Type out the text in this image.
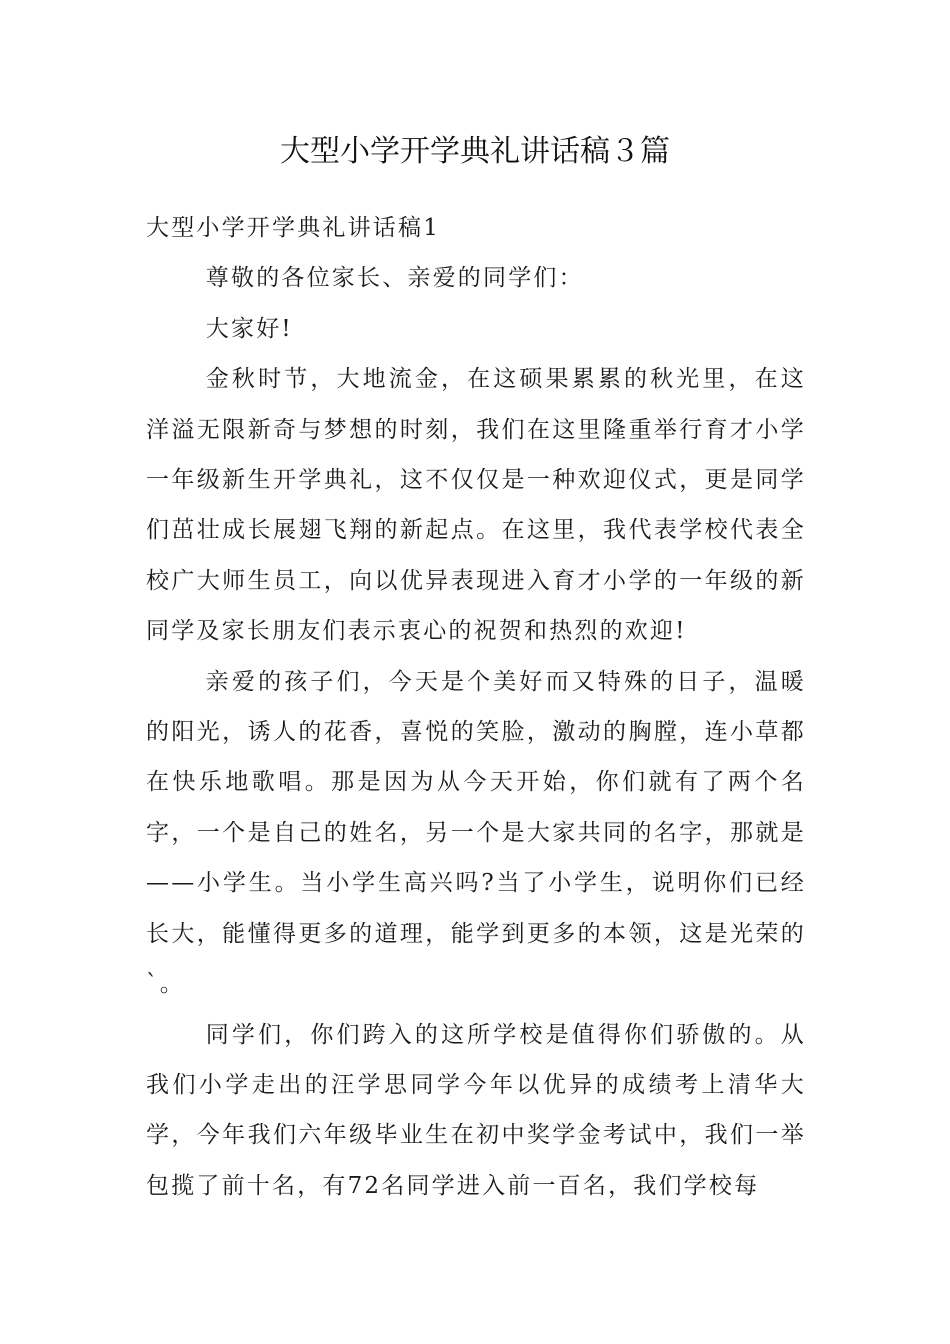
大型小学开学典礼讲话稿３篇

大型小学开学典礼讲话稿1

尊敬的各位家长、亲爱的同学们：

大家好!

金秋时节，大地流金，在这硕果累累的秋光里，在这洋溢无限新奇与梦想的时刻，我们在这里隆重举行育才小学一年级新生开学典礼，这不仅仅是一种欢迎仪式，更是同学们茁壮成长展翅飞翔的新起点。在这里，我代表学校代表全校广大师生员工，向以优异表现进入育才小学的一年级的新同学及家长朋友们表示衷心的祝贺和热烈的欢迎!

亲爱的孩子们，今天是个美好而又特殊的日子，温暖的阳光，诱人的花香，喜悦的笑脸，激动的胸膛，连小草都在快乐地歌唱。那是因为从今天开始，你们就有了两个名字，一个是自己的姓名，另一个是大家共同的名字，那就是——小学生。当小学生高兴吗?当了小学生，说明你们已经长大，能懂得更多的道理，能学到更多的本领，这是光荣的`。

同学们，你们跨入的这所学校是值得你们骄傲的。从我们小学走出的汪学思同学今年以优异的成绩考上清华大学，今年我们六年级毕业生在初中奖学金考试中，我们一举包揽了前十名，有72名同学进入前一百名，我们学校每
